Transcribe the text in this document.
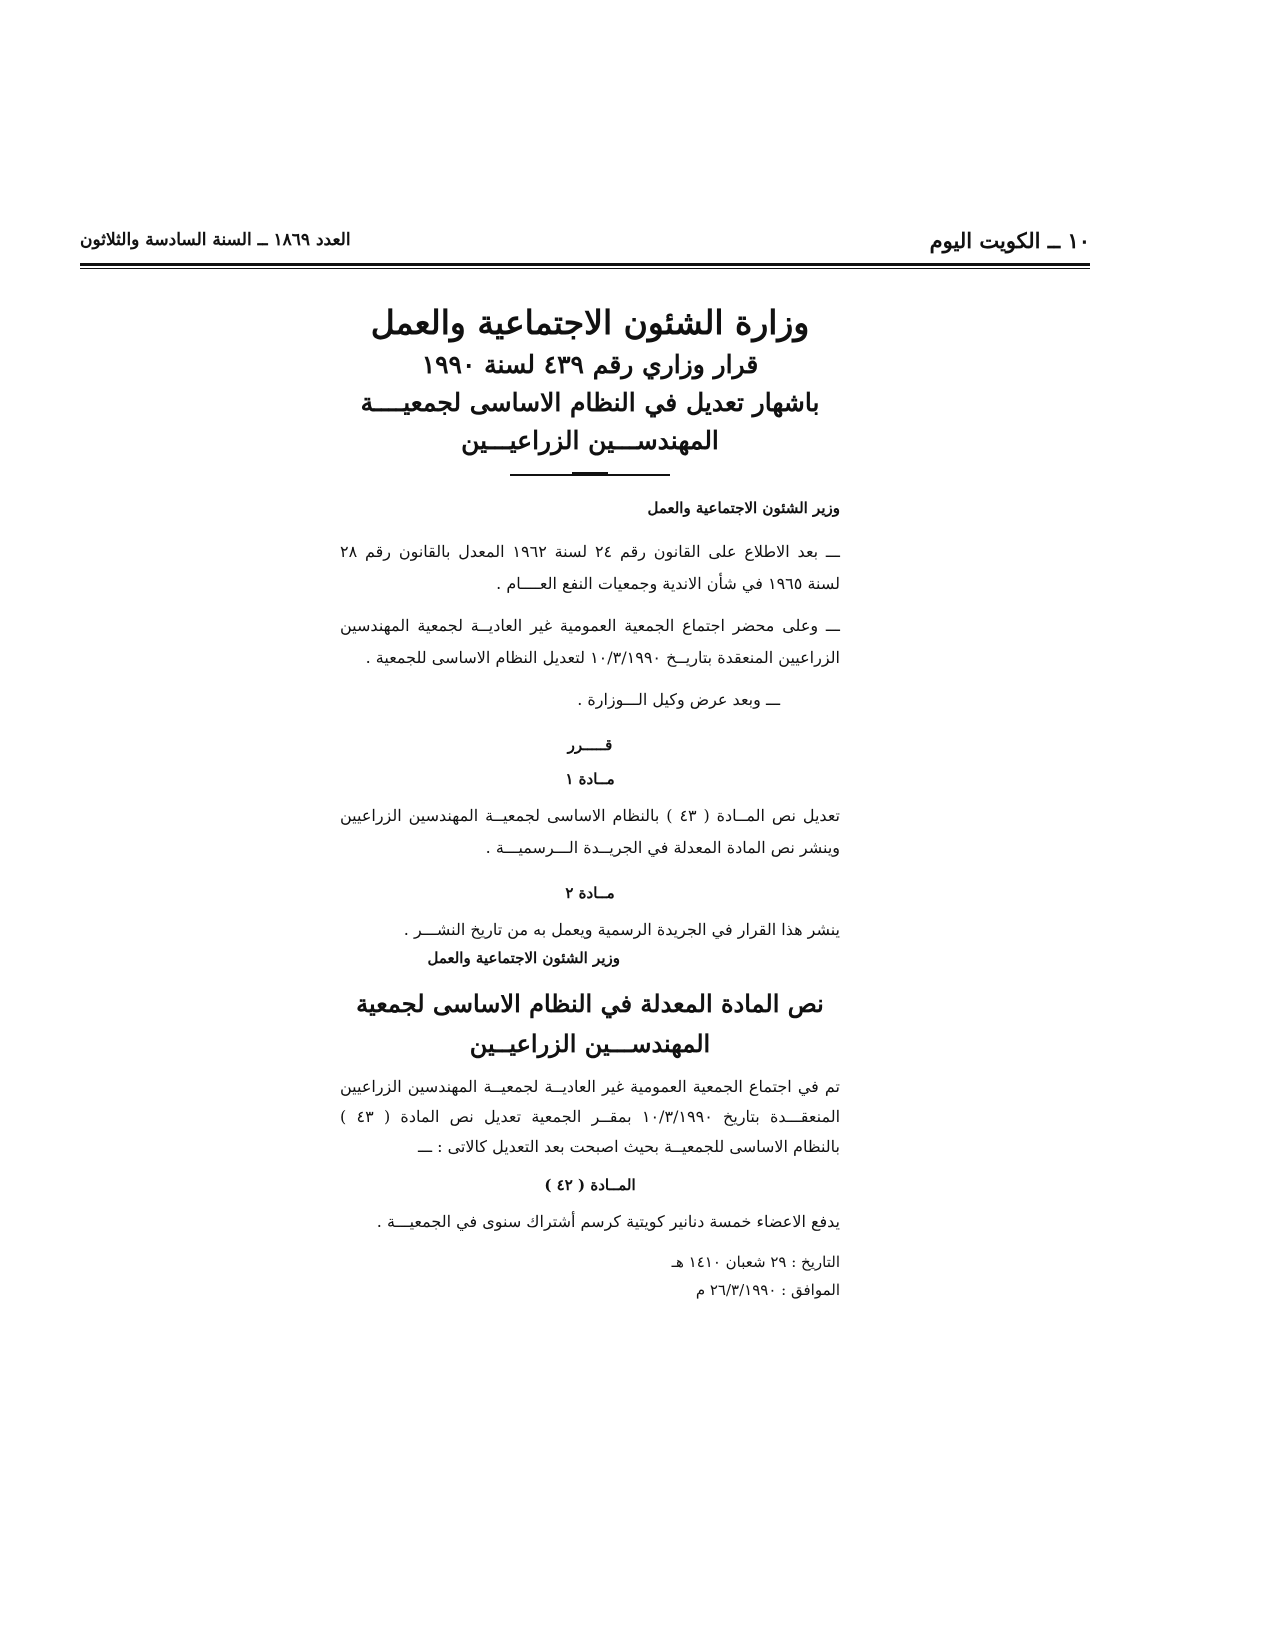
١٠ ــ الكويت اليوم
العدد ١٨٦٩ ــ السنة السادسة والثلاثون

وزارة الشئون الاجتماعية والعمل

قرار وزاري رقم ٤٣٩ لسنة ١٩٩٠

باشهار تعديل في النظام الاساسى لجمعيــــة

المهندســـين الزراعيـــين

وزير الشئون الاجتماعية والعمل

ـــ بعد الاطلاع على القانون رقم ٢٤ لسنة ١٩٦٢ المعدل بالقانون رقم ٢٨ لسنة ١٩٦٥ في شأن الاندية وجمعيات النفع العــــام .

ـــ وعلى محضر اجتماع الجمعية العمومية غير العاديــة لجمعية المهندسين الزراعيين المنعقدة بتاريــخ ١٠/٣/١٩٩٠ لتعديل النظام الاساسى للجمعية .

ـــ وبعد عرض وكيل الـــوزارة .

قـــــرر

مــادة ١

تعديل نص المــادة ( ٤٣ ) بالنظام الاساسى لجمعيــة المهندسين الزراعيين وينشر نص المادة المعدلة في الجريــدة الـــرسميـــة .

مــادة ٢

ينشر هذا القرار في الجريدة الرسمية ويعمل به من تاريخ النشـــر .

وزير الشئون الاجتماعية والعمل

نص المادة المعدلة في النظام الاساسى لجمعية

المهندســـين الزراعيــين

تم في اجتماع الجمعية العمومية غير العاديــة لجمعيــة المهندسين الزراعيين المنعقـــدة بتاريخ ١٠/٣/١٩٩٠ بمقــر الجمعية تعديل نص المادة ( ٤٣ ) بالنظام الاساسى للجمعيــة بحيث اصبحت بعد التعديل كالاتى : ـــ

المــادة ( ٤٢ )

يدفع الاعضاء خمسة دنانير كويتية كرسم أشتراك سنوى في الجمعيـــة .

التاريخ : ٢٩ شعبان ١٤١٠ هـ

الموافق : ٢٦/٣/١٩٩٠ م
